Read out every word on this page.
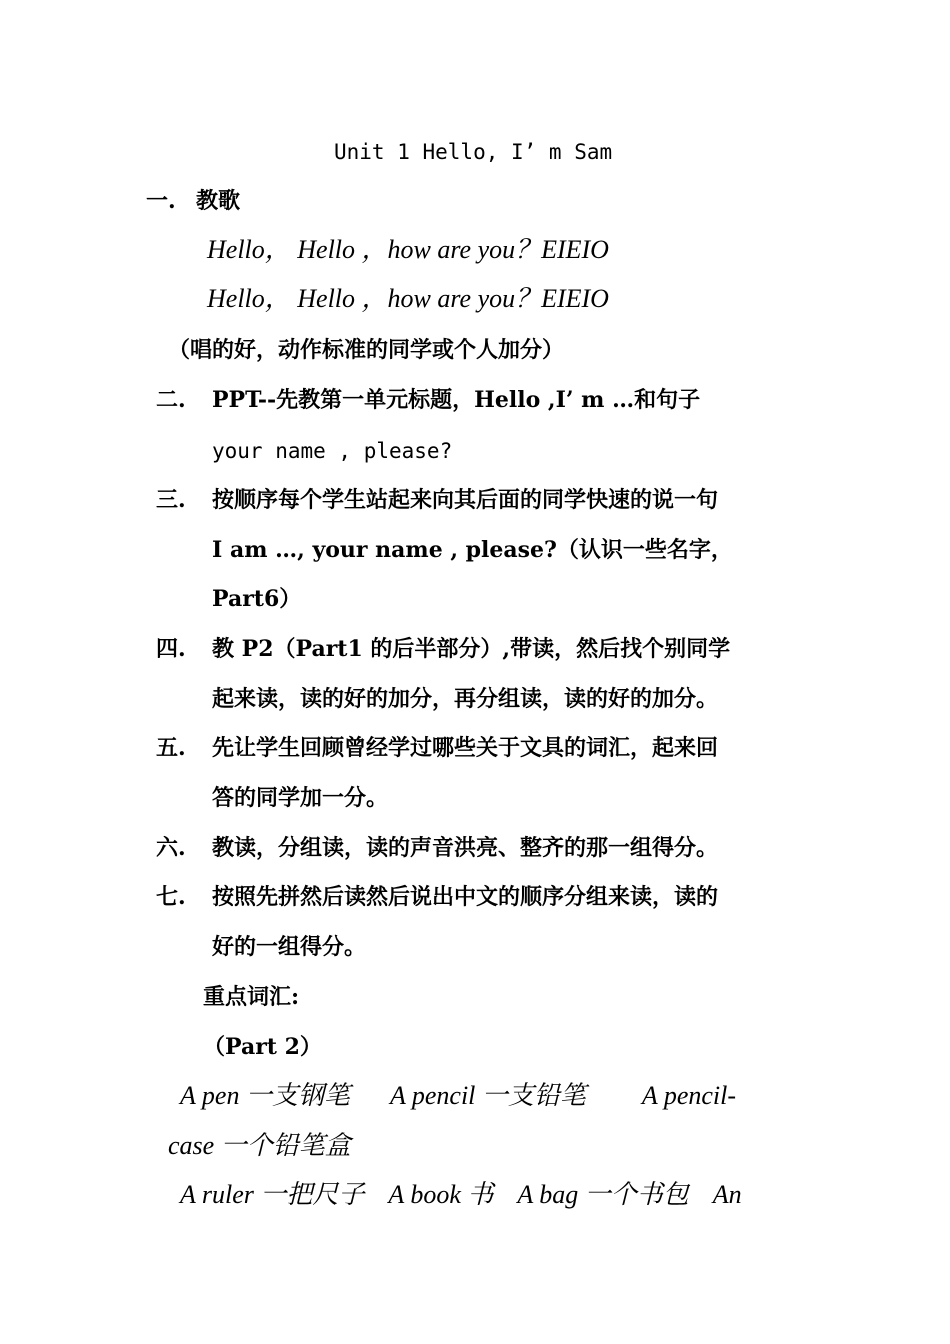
Unit 1 Hello, I’ m Sam
一. 教歌
Hello， Hello ，how are you？EIEIO
Hello， Hello ，how are you？EIEIO
（唱的好，动作标准的同学或个人加分）
二. PPT--先教第一单元标题，Hello ,I’ m …和句子
your name , please?
三. 按顺序每个学生站起来向其后面的同学快速的说一句
I am …, your name , please?（认识一些名字，
Part6）
四. 教 P2（Part1 的后半部分）,带读，然后找个别同学
起来读，读的好的加分，再分组读，读的好的加分。
五. 先让学生回顾曾经学过哪些关于文具的词汇，起来回
答的同学加一分。
六. 教读，分组读，读的声音洪亮、整齐的那一组得分。
七. 按照先拼然后读然后说出中文的顺序分组来读，读的
好的一组得分。
重点词汇:
（Part 2）
A pen 一支钢笔 A pencil 一支铅笔 A pencil-
case 一个铅笔盒
A ruler 一把尺子 A book 书 A bag 一个书包 An
